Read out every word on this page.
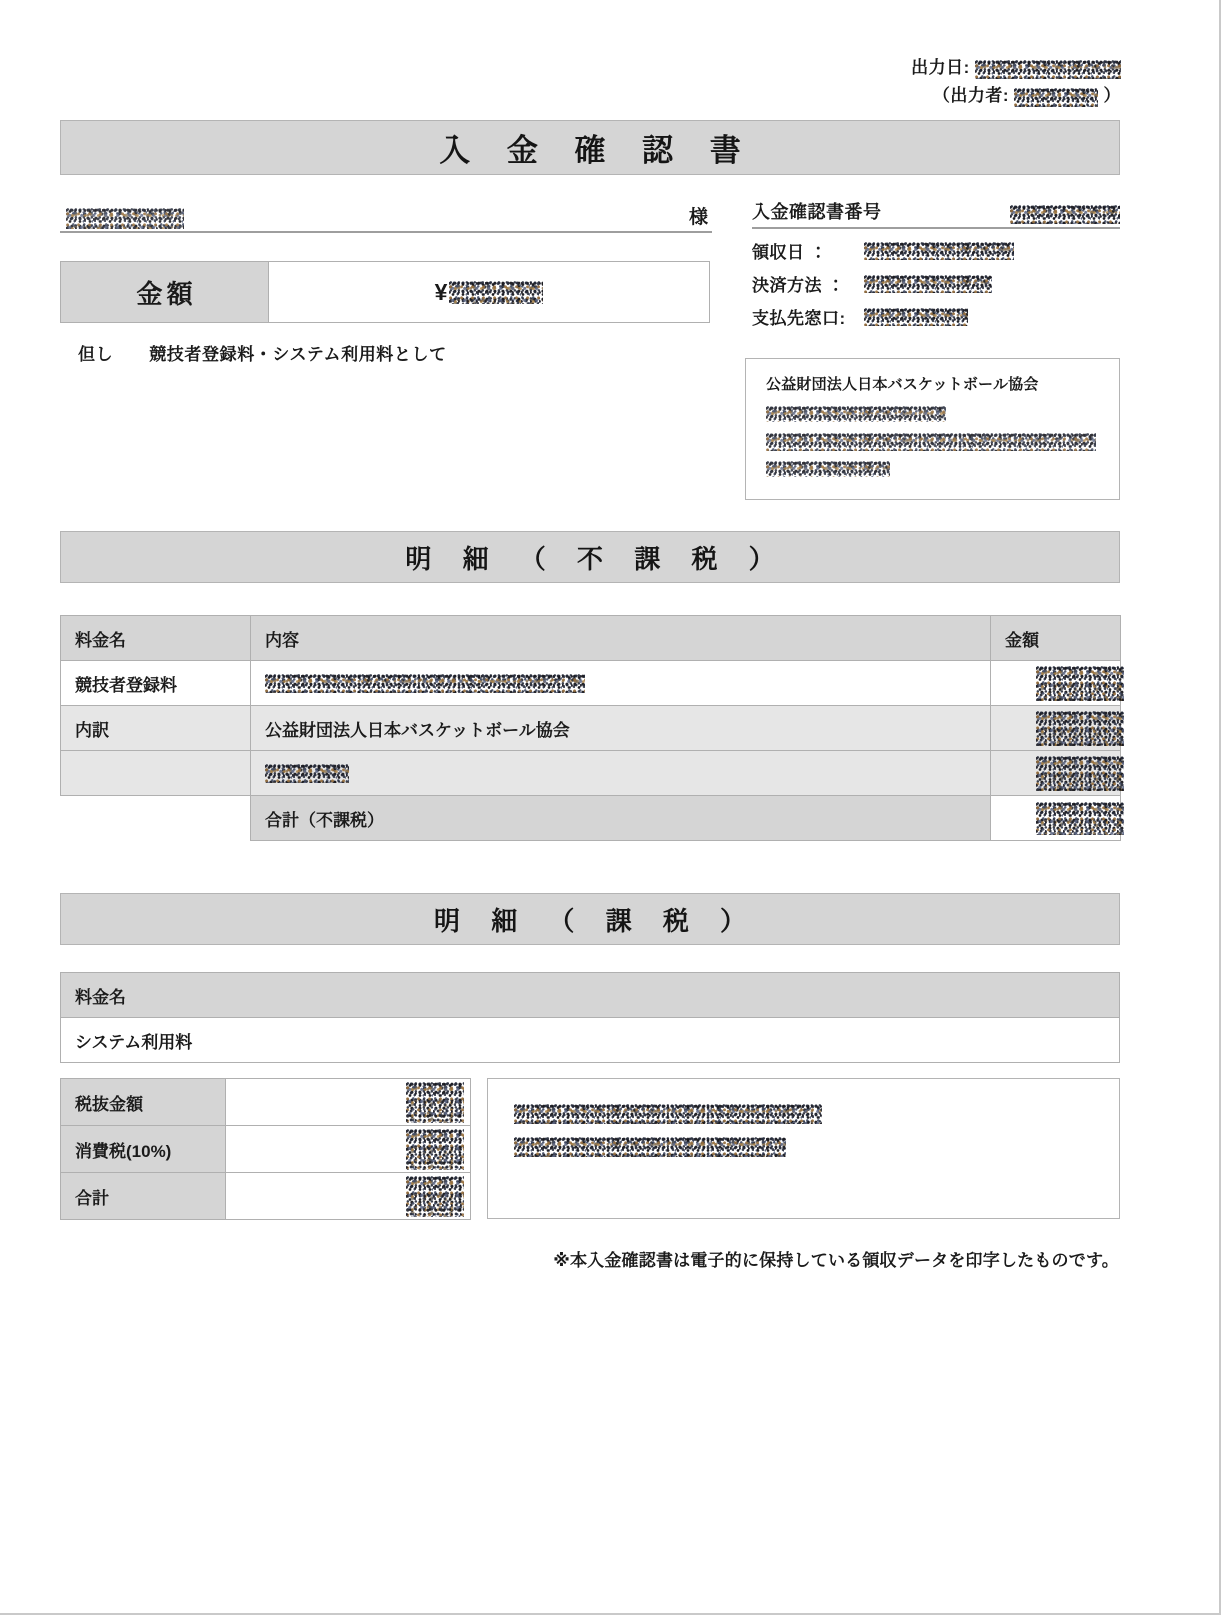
出力日:
（出力者:	）
入 金 確 認 書
様
金額	¥
但し 競技者登録料・システム利用料として
入金確認書番号
領収日 ：
決済方法 ：
支払先窓口:
公益財団法人日本バスケットボール協会
明 細 （ 不 課 税 ）
料金名	内容	金額
競技者登録料		

内訳	公益財団法人日本バスケットボール協会	

	合計（不課税）	
明 細 （ 課 税 ）
料金名
システム利用料
税抜金額	

消費税(10%)	

合計	
※本入金確認書は電子的に保持している領収データを印字したものです。
